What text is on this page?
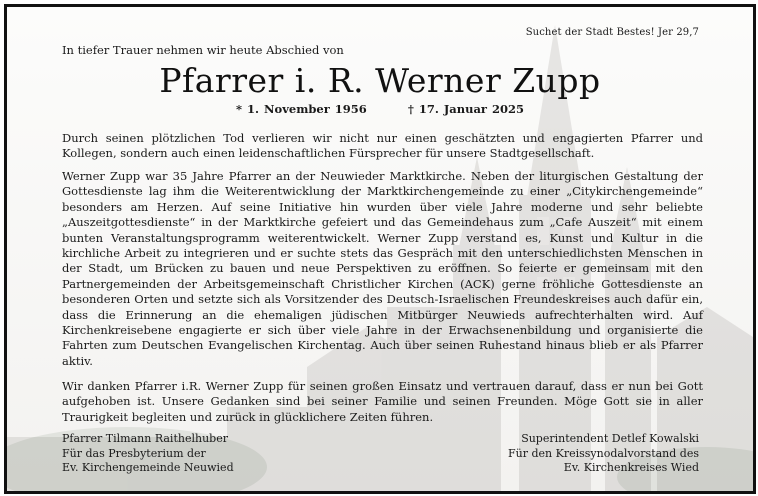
Suchet der Stadt Bestes! Jer 29,7
In tiefer Trauer nehmen wir heute Abschied von
Pfarrer i. R. Werner Zupp
* 1. November 1956	† 17. Januar 2025
Durch seinen plötzlichen Tod verlieren wir nicht nur einen geschätzten und engagierten Pfarrer und Kollegen, sondern auch einen leidenschaftlichen Fürsprecher für unsere Stadtgesellschaft.
Werner Zupp war 35 Jahre Pfarrer an der Neuwieder Marktkirche. Neben der liturgischen Gestaltung der Gottesdienste lag ihm die Weiterentwicklung der Marktkirchengemeinde zu einer „Citykirchengemeinde“ besonders am Herzen. Auf seine Initiative hin wurden über viele Jahre moderne und sehr beliebte „Auszeitgottesdienste“ in der Marktkirche gefeiert und das Gemeindehaus zum „Cafe Auszeit“ mit einem bunten Veranstaltungsprogramm weiterentwickelt. Werner Zupp verstand es, Kunst und Kultur in die kirchliche Arbeit zu integrieren und er suchte stets das Gespräch mit den unterschiedlichsten Menschen in der Stadt, um Brücken zu bauen und neue Perspektiven zu eröffnen. So feierte er gemeinsam mit den Partnergemeinden der Arbeitsgemeinschaft Christlicher Kirchen (ACK) gerne fröhliche Gottesdienste an besonderen Orten und setzte sich als Vorsitzender des Deutsch-Israelischen Freundeskreises auch dafür ein, dass die Erinnerung an die ehemaligen jüdischen Mitbürger Neuwieds aufrechterhalten wird. Auf Kirchenkreisebene engagierte er sich über viele Jahre in der Erwachsenenbildung und organisierte die Fahrten zum Deutschen Evangelischen Kirchentag. Auch über seinen Ruhestand hinaus blieb er als Pfarrer aktiv.
Wir danken Pfarrer i.R. Werner Zupp für seinen großen Einsatz und vertrauen darauf, dass er nun bei Gott aufgehoben ist. Unsere Gedanken sind bei seiner Familie und seinen Freunden. Möge Gott sie in aller Traurigkeit begleiten und zurück in glücklichere Zeiten führen.
Pfarrer Tilmann Raithelhuber
Für das Presbyterium der
Ev. Kirchengemeinde Neuwied
Superintendent Detlef Kowalski
Für den Kreissynodalvorstand des
Ev. Kirchenkreises Wied
